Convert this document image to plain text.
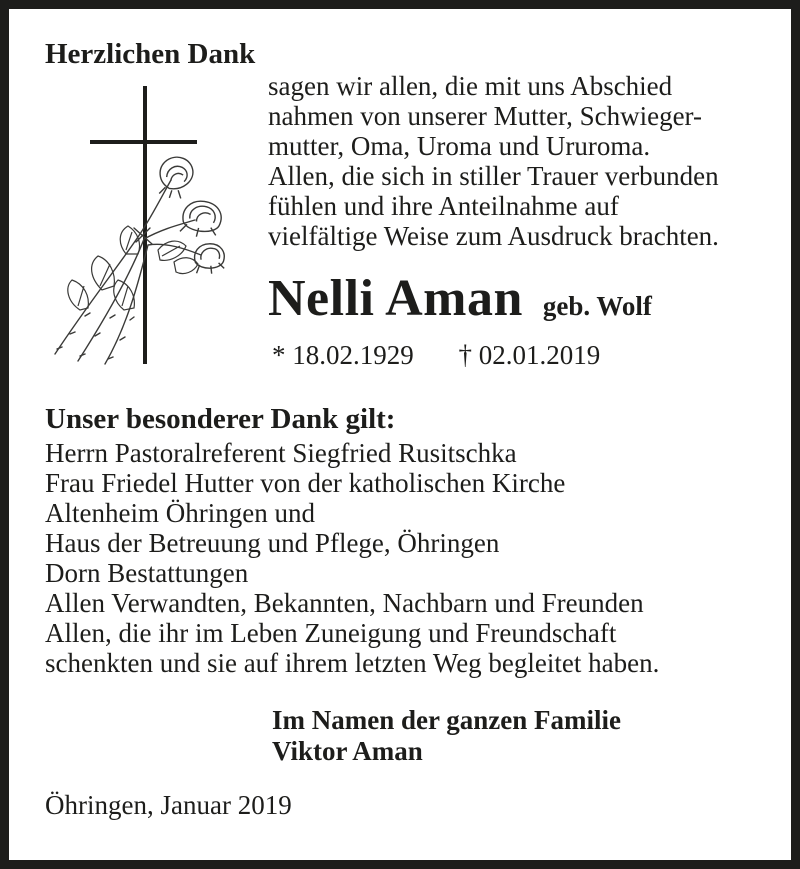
Herzlichen Dank
sagen wir allen, die mit uns Abschied
nahmen von unserer Mutter, Schwieger-
mutter, Oma, Uroma und Ururoma.
Allen, die sich in stiller Trauer verbunden
fühlen und ihre Anteilnahme auf
vielfältige Weise zum Ausdruck brachten.
Nelli Aman geb. Wolf
* 18.02.1929 † 02.01.2019
Unser besonderer Dank gilt:
Herrn Pastoralreferent Siegfried Rusitschka
Frau Friedel Hutter von der katholischen Kirche
Altenheim Öhringen und
Haus der Betreuung und Pflege, Öhringen
Dorn Bestattungen
Allen Verwandten, Bekannten, Nachbarn und Freunden
Allen, die ihr im Leben Zuneigung und Freundschaft
schenkten und sie auf ihrem letzten Weg begleitet haben.
Im Namen der ganzen Familie
Viktor Aman
Öhringen, Januar 2019
